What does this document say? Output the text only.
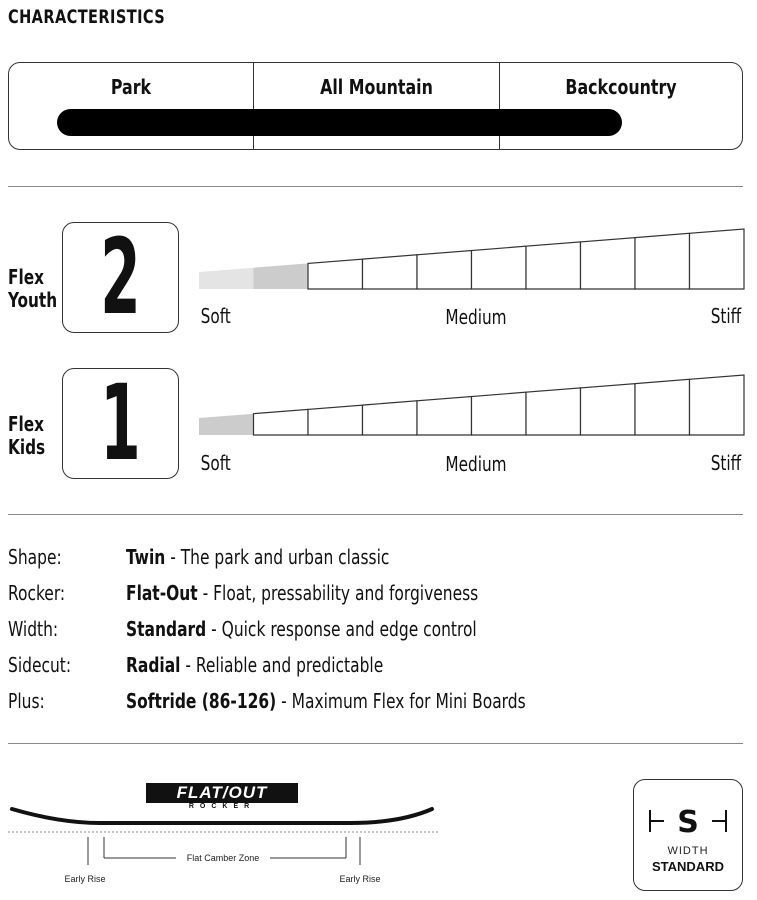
CHARACTERISTICS
Park	All Mountain	Backcountry
Flex
Youth 2	Soft	Medium	Stiff
Flex
Kids 1	Soft	Medium	Stiff
Shape:	Twin - The park and urban classic
Rocker:	Flat-Out - Float, pressability and forgiveness
Width:	Standard - Quick response and edge control
Sidecut:	Radial - Reliable and predictable
Plus:	Softride (86-126) - Maximum Flex for Mini Boards
FLAT/OUT
ROCKER
Flat Camber Zone
Early Rise	Early Rise
S
WIDTH
STANDARD
